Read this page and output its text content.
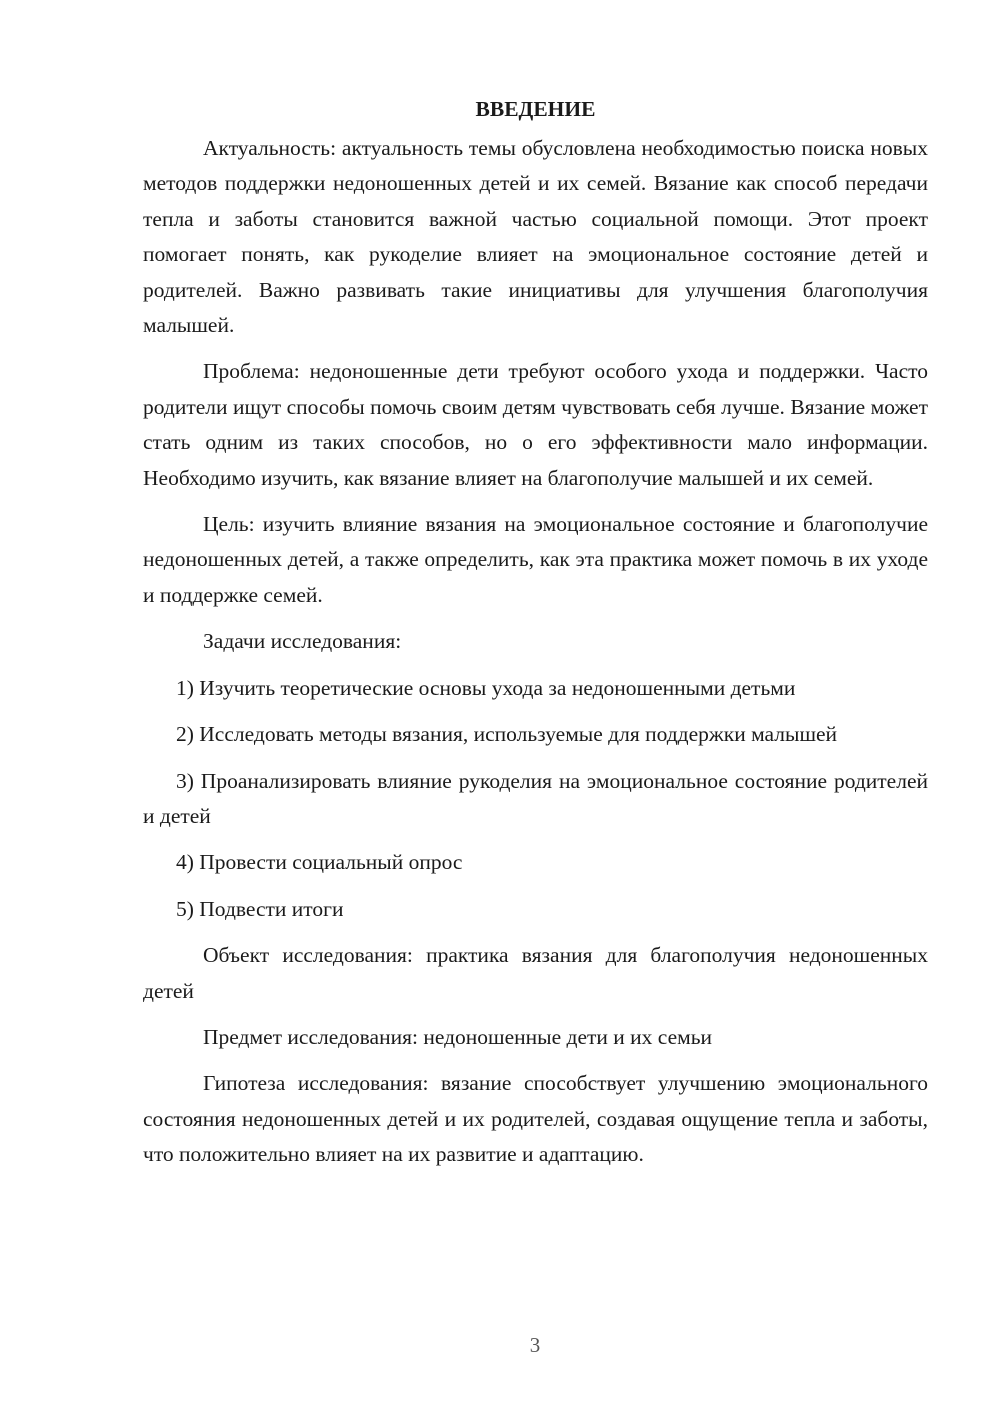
ВВЕДЕНИЕ

Актуальность: актуальность темы обусловлена необходимостью поиска новых методов поддержки недоношенных детей и их семей. Вязание как способ передачи тепла и заботы становится важной частью социальной помощи. Этот проект помогает понять, как рукоделие влияет на эмоциональное состояние детей и родителей. Важно развивать такие инициативы для улучшения благополучия малышей.

Проблема: недоношенные дети требуют особого ухода и поддержки. Часто родители ищут способы помочь своим детям чувствовать себя лучше. Вязание может стать одним из таких способов, но о его эффективности мало информации. Необходимо изучить, как вязание влияет на благополучие малышей и их семей.

Цель: изучить влияние вязания на эмоциональное состояние и благополучие недоношенных детей, а также определить, как эта практика может помочь в их уходе и поддержке семей.

Задачи исследования:

1) Изучить теоретические основы ухода за недоношенными детьми

2) Исследовать методы вязания, используемые для поддержки малышей

3) Проанализировать влияние рукоделия на эмоциональное состояние родителей и детей

4) Провести социальный опрос

5) Подвести итоги

Объект исследования: практика вязания для благополучия недоношенных детей

Предмет исследования: недоношенные дети и их семьи

Гипотеза исследования: вязание способствует улучшению эмоционального состояния недоношенных детей и их родителей, создавая ощущение тепла и заботы, что положительно влияет на их развитие и адаптацию.

3
